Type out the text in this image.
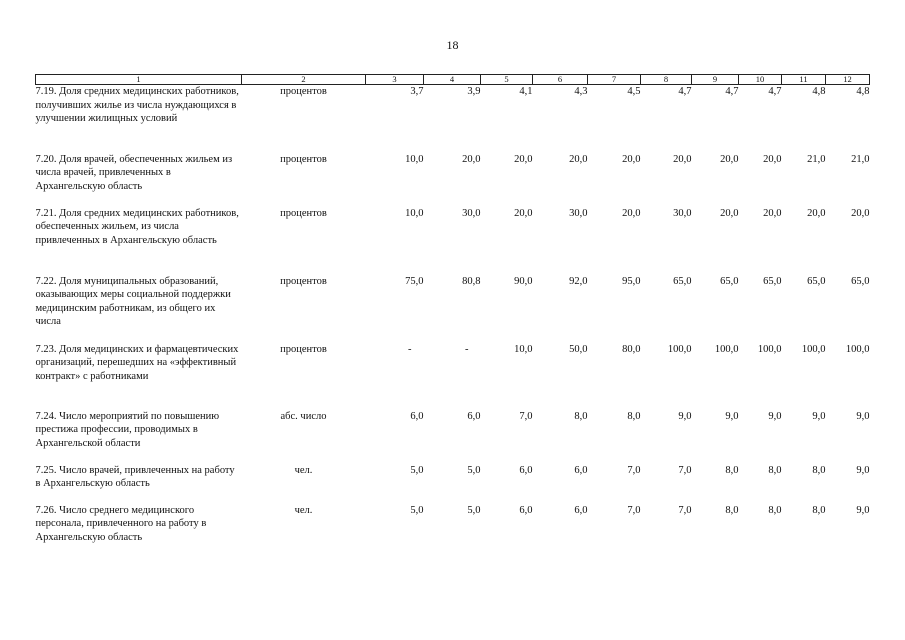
18
1	2	3	4	5	6	7	8	9	10	11	12
7.19. Доля средних медицинских работников, получивших жилье из числа нуждающихся в улучшении жилищных условий	процентов	3,7	3,9	4,1	4,3	4,5	4,7	4,7	4,7	4,8	4,8
7.20. Доля врачей, обеспеченных жильем из числа врачей, привлеченных в Архангельскую область	процентов	10,0	20,0	20,0	20,0	20,0	20,0	20,0	20,0	21,0	21,0
7.21. Доля средних медицинских работников, обеспеченных жильем, из числа привлеченных в Архангельскую область	процентов	10,0	30,0	20,0	30,0	20,0	30,0	20,0	20,0	20,0	20,0
7.22. Доля муниципальных образований, оказывающих меры социальной поддержки медицинским работникам, из общего их числа	процентов	75,0	80,8	90,0	92,0	95,0	65,0	65,0	65,0	65,0	65,0
7.23. Доля медицинских и фармацевтических организаций, перешедших на «эффективный контракт» с работниками	процентов	-	-	10,0	50,0	80,0	100,0	100,0	100,0	100,0	100,0
7.24. Число мероприятий по повышению престижа профессии, проводимых в Архангельской области	абс. число	6,0	6,0	7,0	8,0	8,0	9,0	9,0	9,0	9,0	9,0
7.25. Число врачей, привлеченных на работу в Архангельскую область	чел.	5,0	5,0	6,0	6,0	7,0	7,0	8,0	8,0	8,0	9,0
7.26. Число среднего медицинского персонала, привлеченного на работу в Архангельскую область	чел.	5,0	5,0	6,0	6,0	7,0	7,0	8,0	8,0	8,0	9,0
